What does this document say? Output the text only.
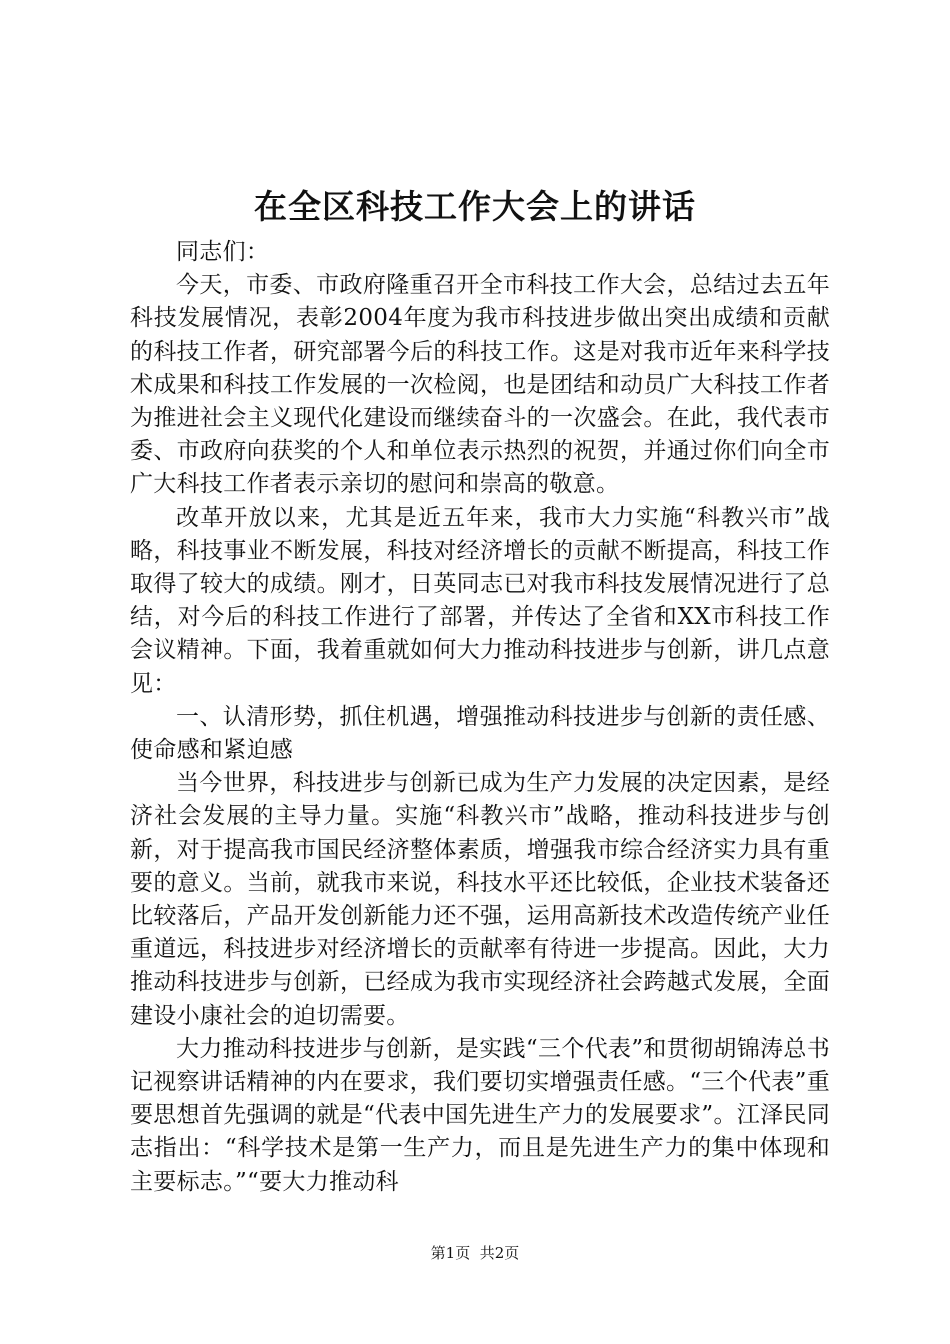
在全区科技工作大会上的讲话

同志们：

今天，市委、市政府隆重召开全市科技工作大会，总结过去五年科技发展情况，表彰2004年度为我市科技进步做出突出成绩和贡献的科技工作者，研究部署今后的科技工作。这是对我市近年来科学技术成果和科技工作发展的一次检阅，也是团结和动员广大科技工作者为推进社会主义现代化建设而继续奋斗的一次盛会。在此，我代表市委、市政府向获奖的个人和单位表示热烈的祝贺，并通过你们向全市广大科技工作者表示亲切的慰问和崇高的敬意。

改革开放以来，尤其是近五年来，我市大力实施“科教兴市”战略，科技事业不断发展，科技对经济增长的贡献不断提高，科技工作取得了较大的成绩。刚才，日英同志已对我市科技发展情况进行了总结，对今后的科技工作进行了部署，并传达了全省和XX市科技工作会议精神。下面，我着重就如何大力推动科技进步与创新，讲几点意见：

一、认清形势，抓住机遇，增强推动科技进步与创新的责任感、使命感和紧迫感

当今世界，科技进步与创新已成为生产力发展的决定因素，是经济社会发展的主导力量。实施“科教兴市”战略，推动科技进步与创新，对于提高我市国民经济整体素质，增强我市综合经济实力具有重要的意义。当前，就我市来说，科技水平还比较低，企业技术装备还比较落后，产品开发创新能力还不强，运用高新技术改造传统产业任重道远，科技进步对经济增长的贡献率有待进一步提高。因此，大力推动科技进步与创新，已经成为我市实现经济社会跨越式发展，全面建设小康社会的迫切需要。

大力推动科技进步与创新，是实践“三个代表”和贯彻胡锦涛总书记视察讲话精神的内在要求，我们要切实增强责任感。“三个代表”重要思想首先强调的就是“代表中国先进生产力的发展要求”。江泽民同志指出：“科学技术是第一生产力，而且是先进生产力的集中体现和主要标志。”“要大力推动科

第1页 共2页
